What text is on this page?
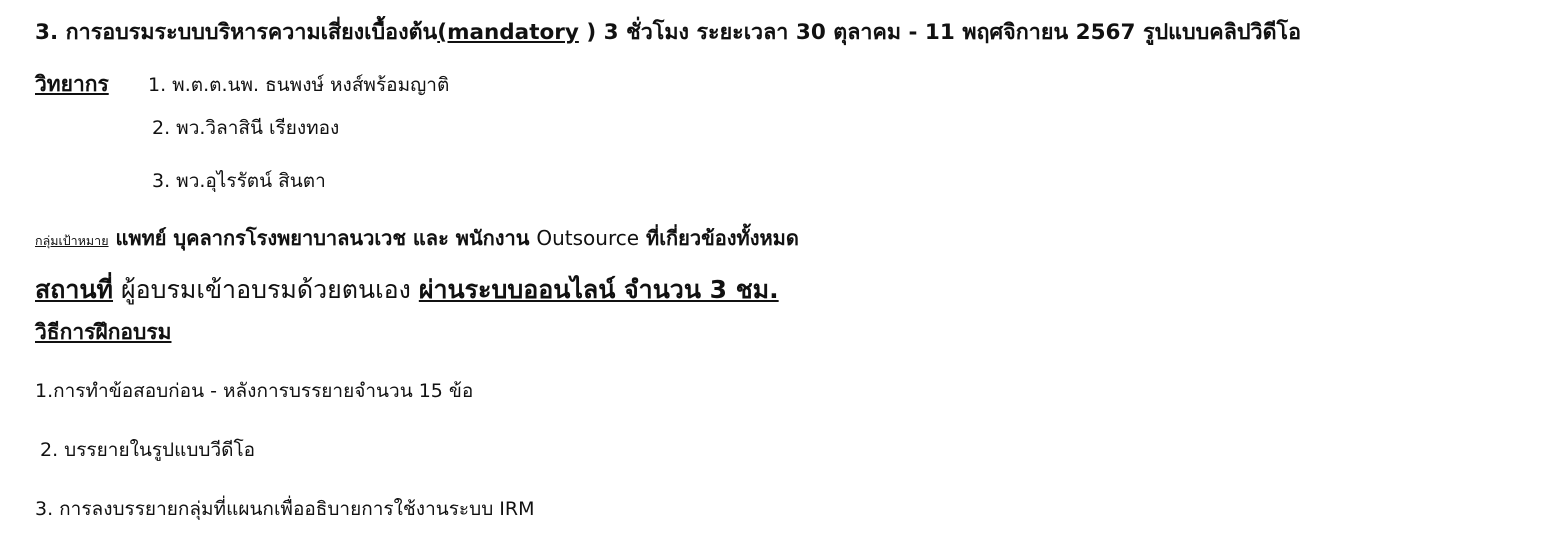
3. การอบรมระบบบริหารความเสี่ยงเบื้องต้น(mandatory ) 3 ชั่วโมง ระยะเวลา 30 ตุลาคม - 11 พฤศจิกายน 2567 รูปแบบคลิปวิดีโอ
วิทยากร 1. พ.ต.ต.นพ. ธนพงษ์ หงส์พร้อมญาติ
2. พว.วิลาสินี เรียงทอง
3. พว.อุไรรัตน์ สินตา
กลุ่มเป้าหมาย แพทย์ บุคลากรโรงพยาบาลนวเวช และ พนักงาน Outsource ที่เกี่ยวข้องทั้งหมด
สถานที่ ผู้อบรมเข้าอบรมด้วยตนเอง ผ่านระบบออนไลน์ จำนวน 3 ชม.
วิธีการฝึกอบรม
1.การทำข้อสอบก่อน - หลังการบรรยายจำนวน 15 ข้อ
2. บรรยายในรูปแบบวีดีโอ
3. การลงบรรยายกลุ่มที่แผนกเพื่ออธิบายการใช้งานระบบ IRM
